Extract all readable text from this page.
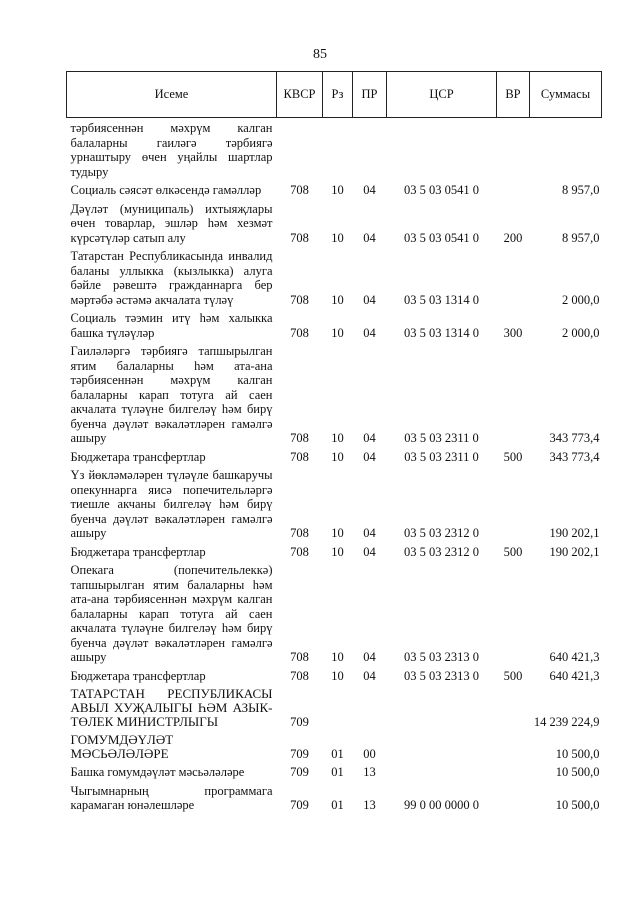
85
Исеме	КВСР	Рз	ПР	ЦСР	ВР	Суммасы
тәрбиясеннән мәхрүм калган балаларны гаиләгә тәрбиягә урнаштыру өчен уңайлы шартлар тудыру						
Социаль сәясәт өлкәсендә гамәлләр	708	10	04	03 5 03 0541 0		8 957,0
Дәүләт (муниципаль) ихтыяҗлары өчен товарлар, эшләр һәм хезмәт күрсәтүләр сатып алу	708	10	04	03 5 03 0541 0	200	8 957,0
Татарстан Республикасында инвалид баланы уллыкка (кызлыкка) алуга бәйле рәвештә гражданнарга бер мәртәбә әстәмә акчалата түләү	708	10	04	03 5 03 1314 0		2 000,0
Социаль тәэмин итү һәм халыкка башка түләүләр	708	10	04	03 5 03 1314 0	300	2 000,0
Гаиләләргә тәрбиягә тапшырылган ятим балаларны һәм ата-ана тәрбиясеннән мәхрүм калган балаларны карап тотуга ай саен акчалата түләүне билгеләү һәм бирү буенча дәүләт вәкаләтләрен гамәлгә ашыру	708	10	04	03 5 03 2311 0		343 773,4
Бюджетара трансфертлар	708	10	04	03 5 03 2311 0	500	343 773,4
Үз йөкләмәләрен түләүле башкаручы опекуннарга яисә попечительләргә тиешле акчаны билгеләү һәм бирү буенча дәүләт вәкаләтләрен гамәлгә ашыру	708	10	04	03 5 03 2312 0		190 202,1
Бюджетара трансфертлар	708	10	04	03 5 03 2312 0	500	190 202,1
Опекага (попечительлеккә) тапшырылган ятим балаларны һәм ата-ана тәрбиясеннән мәхрүм калган балаларны карап тотуга ай саен акчалата түләүне билгеләү һәм бирү буенча дәүләт вәкаләтләрен гамәлгә ашыру	708	10	04	03 5 03 2313 0		640 421,3
Бюджетара трансфертлар	708	10	04	03 5 03 2313 0	500	640 421,3
ТАТАРСТАН РЕСПУБЛИКАСЫ АВЫЛ ХУҖАЛЫГЫ ҺӘМ АЗЫК-ТӨЛЕК МИНИСТРЛЫГЫ	709					14 239 224,9
ГОМУМДӘҮЛӘТ МӘСЬӘЛӘЛӘРЕ	709	01	00			10 500,0
Башка гомумдәүләт мәсьәләләре	709	01	13			10 500,0
Чыгымнарның программага карамаган юнәлешләре	709	01	13	99 0 00 0000 0		10 500,0
